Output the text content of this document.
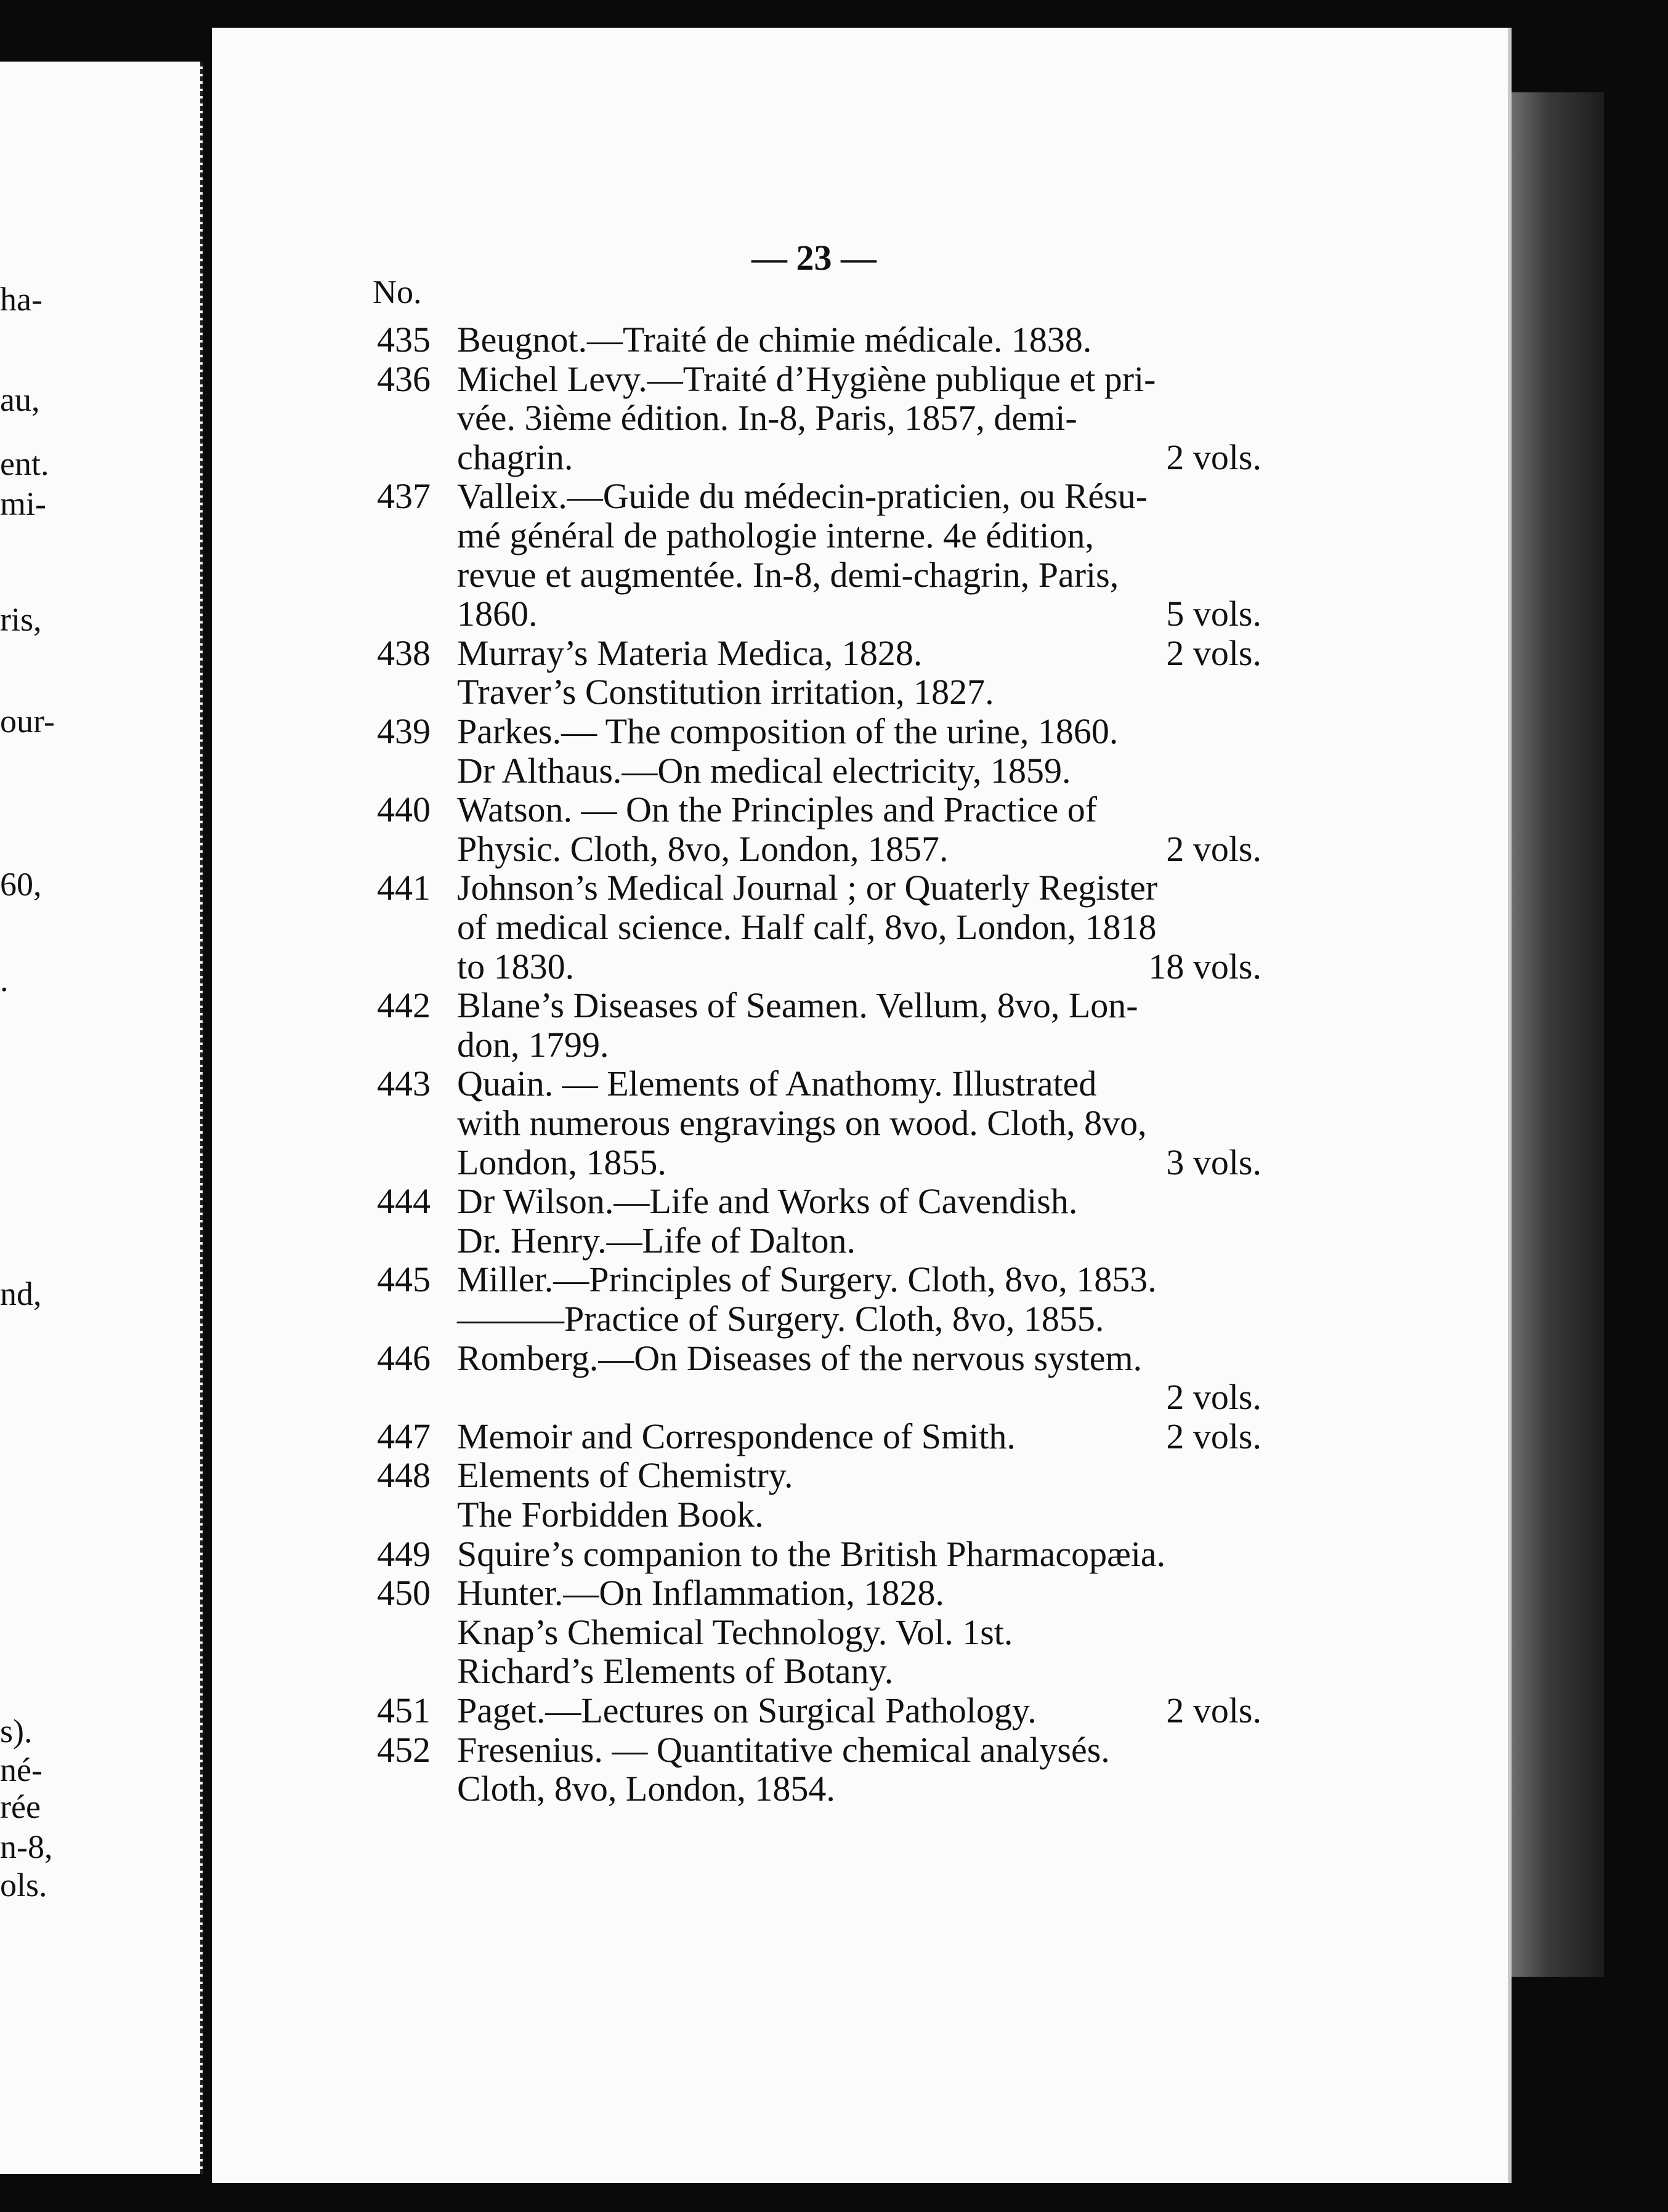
ha-
au,
ent.
mi-
ris,
our-
60,
.
nd,
s).
né-
rée
n-8,
ols.
— 23 —
No.
435 Beugnot.—Traité de chimie médicale. 1838.
436 Michel Levy.—Traité d’Hygiène publique et pri-
vée. 3ième édition. In-8, Paris, 1857, demi-
chagrin.	2 vols.
437 Valleix.—Guide du médecin-praticien, ou Résu-
mé général de pathologie interne. 4e édition,
revue et augmentée. In-8, demi-chagrin, Paris,
1860.	5 vols.
438 Murray’s Materia Medica, 1828.	2 vols.
Traver’s Constitution irritation, 1827.
439 Parkes.— The composition of the urine, 1860.
Dr Althaus.—On medical electricity, 1859.
440 Watson. — On the Principles and Practice of
Physic. Cloth, 8vo, London, 1857.	2 vols.
441 Johnson’s Medical Journal ; or Quaterly Register
of medical science. Half calf, 8vo, London, 1818
to 1830.	18 vols.
442 Blane’s Diseases of Seamen. Vellum, 8vo, Lon-
don, 1799.
443 Quain. — Elements of Anathomy. Illustrated
with numerous engravings on wood. Cloth, 8vo,
London, 1855.	3 vols.
444 Dr Wilson.—Life and Works of Cavendish.
Dr. Henry.—Life of Dalton.
445 Miller.—Principles of Surgery. Cloth, 8vo, 1853.
———Practice of Surgery. Cloth, 8vo, 1855.
446 Romberg.—On Diseases of the nervous system.
2 vols.
447 Memoir and Correspondence of Smith.	2 vols.
448 Elements of Chemistry.
The Forbidden Book.
449 Squire’s companion to the British Pharmacopæia.
450 Hunter.—On Inflammation, 1828.
Knap’s Chemical Technology. Vol. 1st.
Richard’s Elements of Botany.
451 Paget.—Lectures on Surgical Pathology.	2 vols.
452 Fresenius. — Quantitative chemical analysés.
Cloth, 8vo, London, 1854.
